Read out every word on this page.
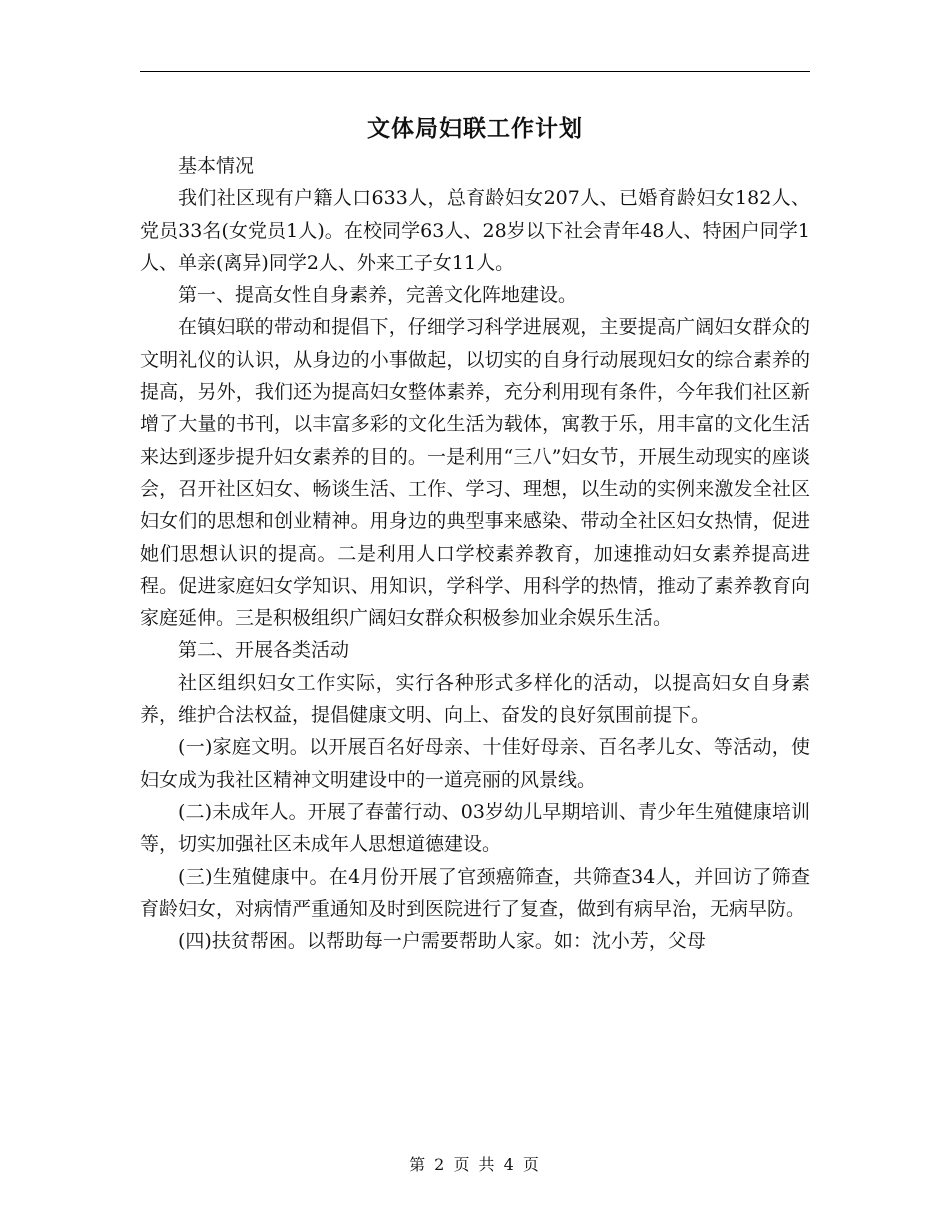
文体局妇联工作计划

基本情况

我们社区现有户籍人口633人，总育龄妇女207人、已婚育龄妇女182人、党员33名(女党员1人)。在校同学63人、28岁以下社会青年48人、特困户同学1人、单亲(离异)同学2人、外来工子女11人。

第一、提高女性自身素养，完善文化阵地建设。

在镇妇联的带动和提倡下，仔细学习科学进展观，主要提高广阔妇女群众的文明礼仪的认识，从身边的小事做起，以切实的自身行动展现妇女的综合素养的提高，另外，我们还为提高妇女整体素养，充分利用现有条件，今年我们社区新增了大量的书刊，以丰富多彩的文化生活为载体，寓教于乐，用丰富的文化生活来达到逐步提升妇女素养的目的。一是利用“三八”妇女节，开展生动现实的座谈会，召开社区妇女、畅谈生活、工作、学习、理想，以生动的实例来激发全社区妇女们的思想和创业精神。用身边的典型事来感染、带动全社区妇女热情，促进她们思想认识的提高。二是利用人口学校素养教育，加速推动妇女素养提高进程。促进家庭妇女学知识、用知识，学科学、用科学的热情，推动了素养教育向家庭延伸。三是积极组织广阔妇女群众积极参加业余娱乐生活。

第二、开展各类活动

社区组织妇女工作实际，实行各种形式多样化的活动，以提高妇女自身素养，维护合法权益，提倡健康文明、向上、奋发的良好氛围前提下。

(一)家庭文明。以开展百名好母亲、十佳好母亲、百名孝儿女、等活动，使妇女成为我社区精神文明建设中的一道亮丽的风景线。

(二)未成年人。开展了春蕾行动、03岁幼儿早期培训、青少年生殖健康培训等，切实加强社区未成年人思想道德建设。

(三)生殖健康中。在4月份开展了官颈癌筛查，共筛查34人，并回访了筛查育龄妇女，对病情严重通知及时到医院进行了复查，做到有病早治，无病早防。

(四)扶贫帮困。以帮助每一户需要帮助人家。如：沈小芳，父母

第 2 页 共 4 页
